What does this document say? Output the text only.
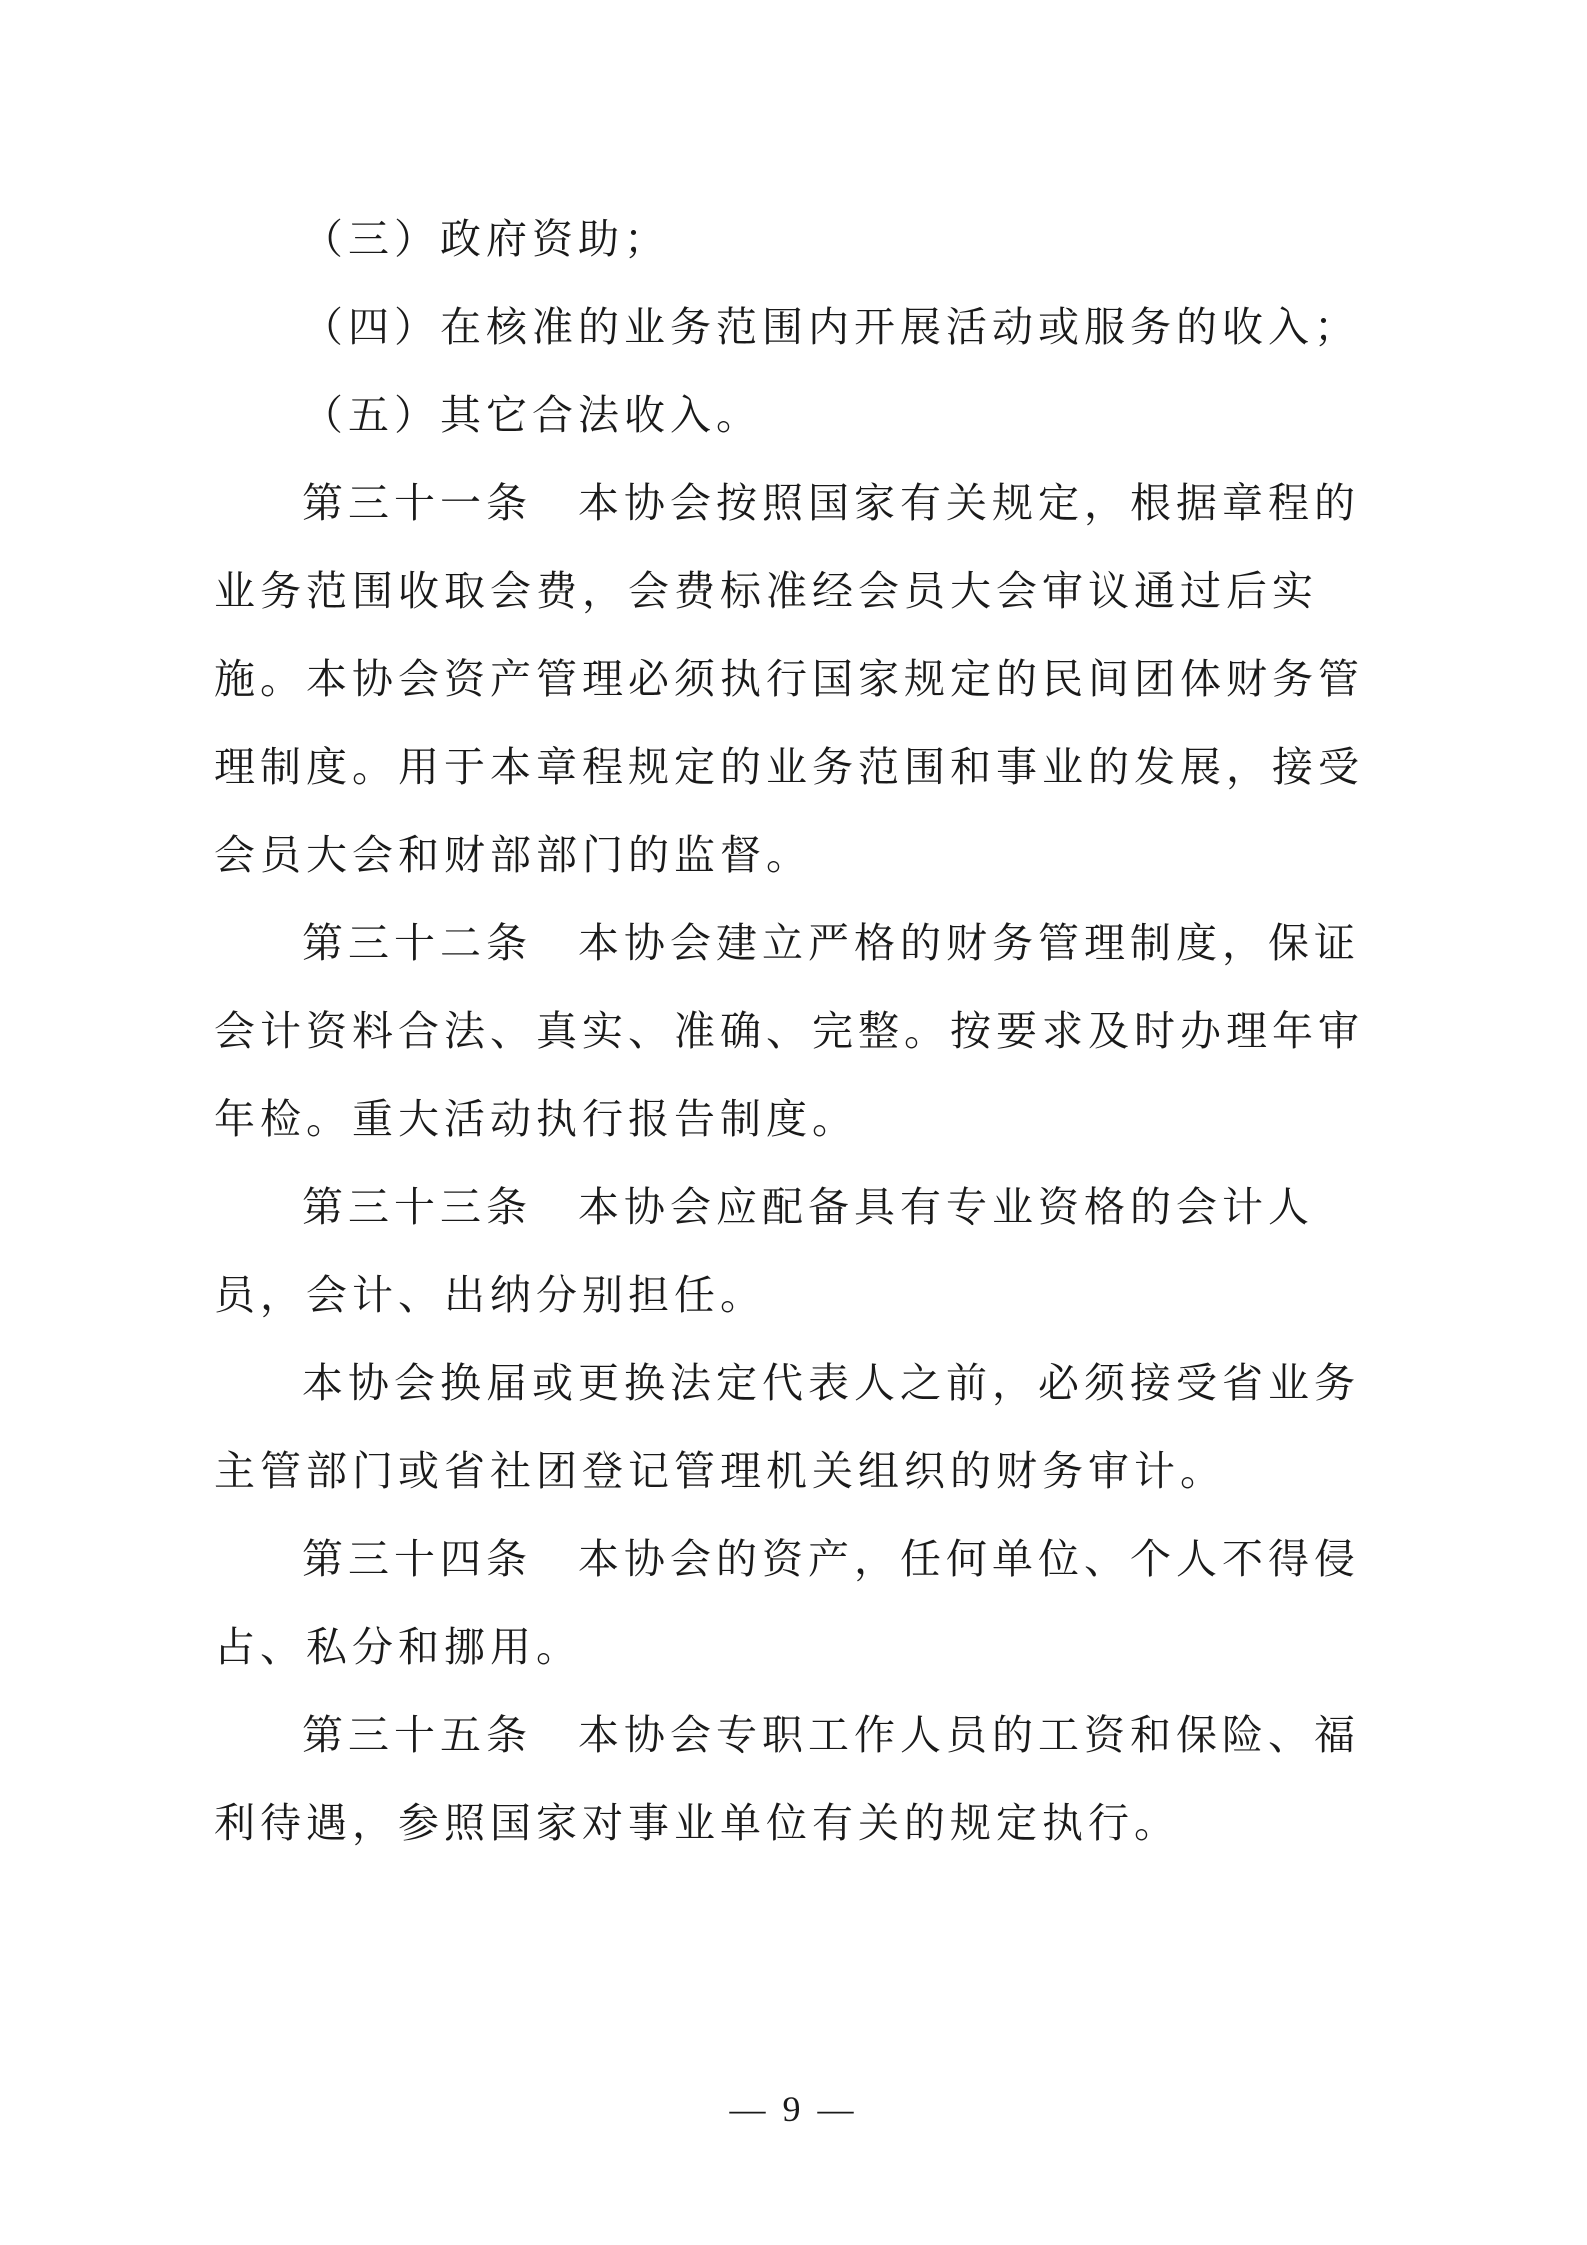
（三）政府资助；

（四）在核准的业务范围内开展活动或服务的收入；

（五）其它合法收入。

第三十一条　本协会按照国家有关规定，根据章程的业务范围收取会费，会费标准经会员大会审议通过后实施。本协会资产管理必须执行国家规定的民间团体财务管理制度。用于本章程规定的业务范围和事业的发展，接受会员大会和财部部门的监督。

第三十二条　本协会建立严格的财务管理制度，保证会计资料合法、真实、准确、完整。按要求及时办理年审年检。重大活动执行报告制度。

第三十三条　本协会应配备具有专业资格的会计人员，会计、出纳分别担任。

本协会换届或更换法定代表人之前，必须接受省业务主管部门或省社团登记管理机关组织的财务审计。

第三十四条　本协会的资产，任何单位、个人不得侵占、私分和挪用。

第三十五条　本协会专职工作人员的工资和保险、福利待遇，参照国家对事业单位有关的规定执行。

— 9 —
